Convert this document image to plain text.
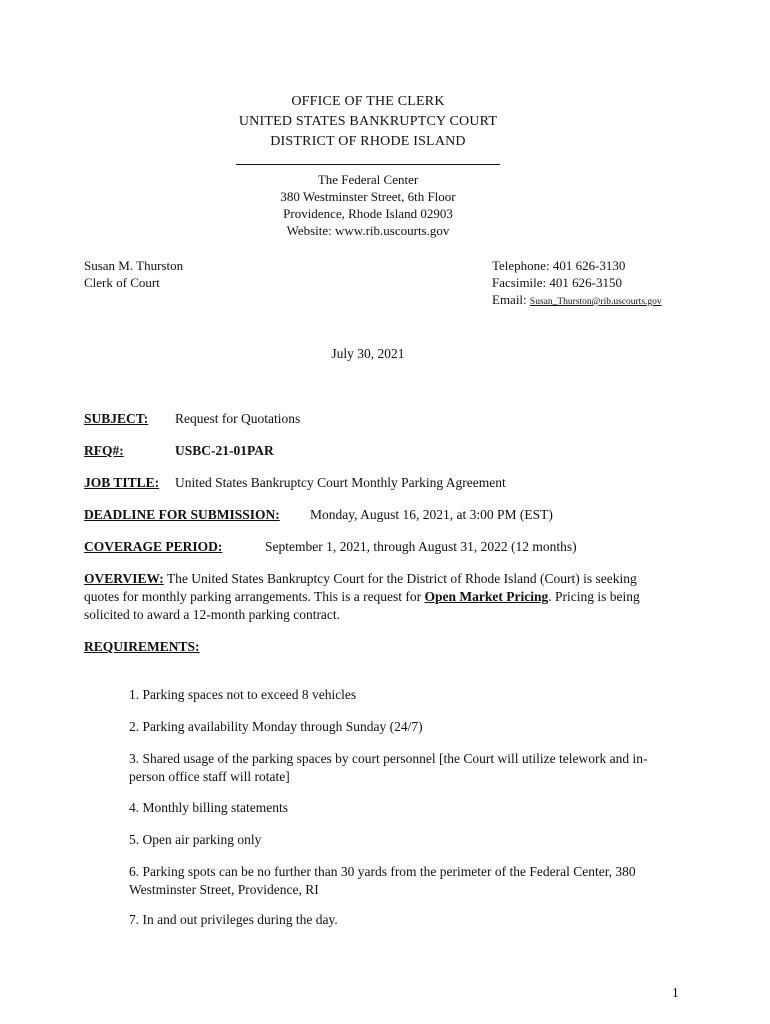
OFFICE OF THE CLERK
UNITED STATES BANKRUPTCY COURT
DISTRICT OF RHODE ISLAND
The Federal Center
380 Westminster Street, 6th Floor
Providence, Rhode Island 02903
Website: www.rib.uscourts.gov
Susan M. Thurston
Clerk of Court
Telephone: 401 626-3130
Facsimile: 401 626-3150
Email: Susan_Thurston@rib.uscourts.gov
July 30, 2021
SUBJECT: Request for Quotations
RFQ#:	USBC-21-01PAR
JOB TITLE: United States Bankruptcy Court Monthly Parking Agreement
DEADLINE FOR SUBMISSION: Monday, August 16, 2021, at 3:00 PM (EST)
COVERAGE PERIOD:	September 1, 2021, through August 31, 2022 (12 months)
OVERVIEW: The United States Bankruptcy Court for the District of Rhode Island (Court) is seeking quotes for monthly parking arrangements. This is a request for Open Market Pricing. Pricing is being solicited to award a 12-month parking contract.
REQUIREMENTS:
1. Parking spaces not to exceed 8 vehicles
2. Parking availability Monday through Sunday (24/7)
3. Shared usage of the parking spaces by court personnel [the Court will utilize telework and in-person office staff will rotate]
4. Monthly billing statements
5. Open air parking only
6. Parking spots can be no further than 30 yards from the perimeter of the Federal Center, 380 Westminster Street, Providence, RI
7. In and out privileges during the day.
1
